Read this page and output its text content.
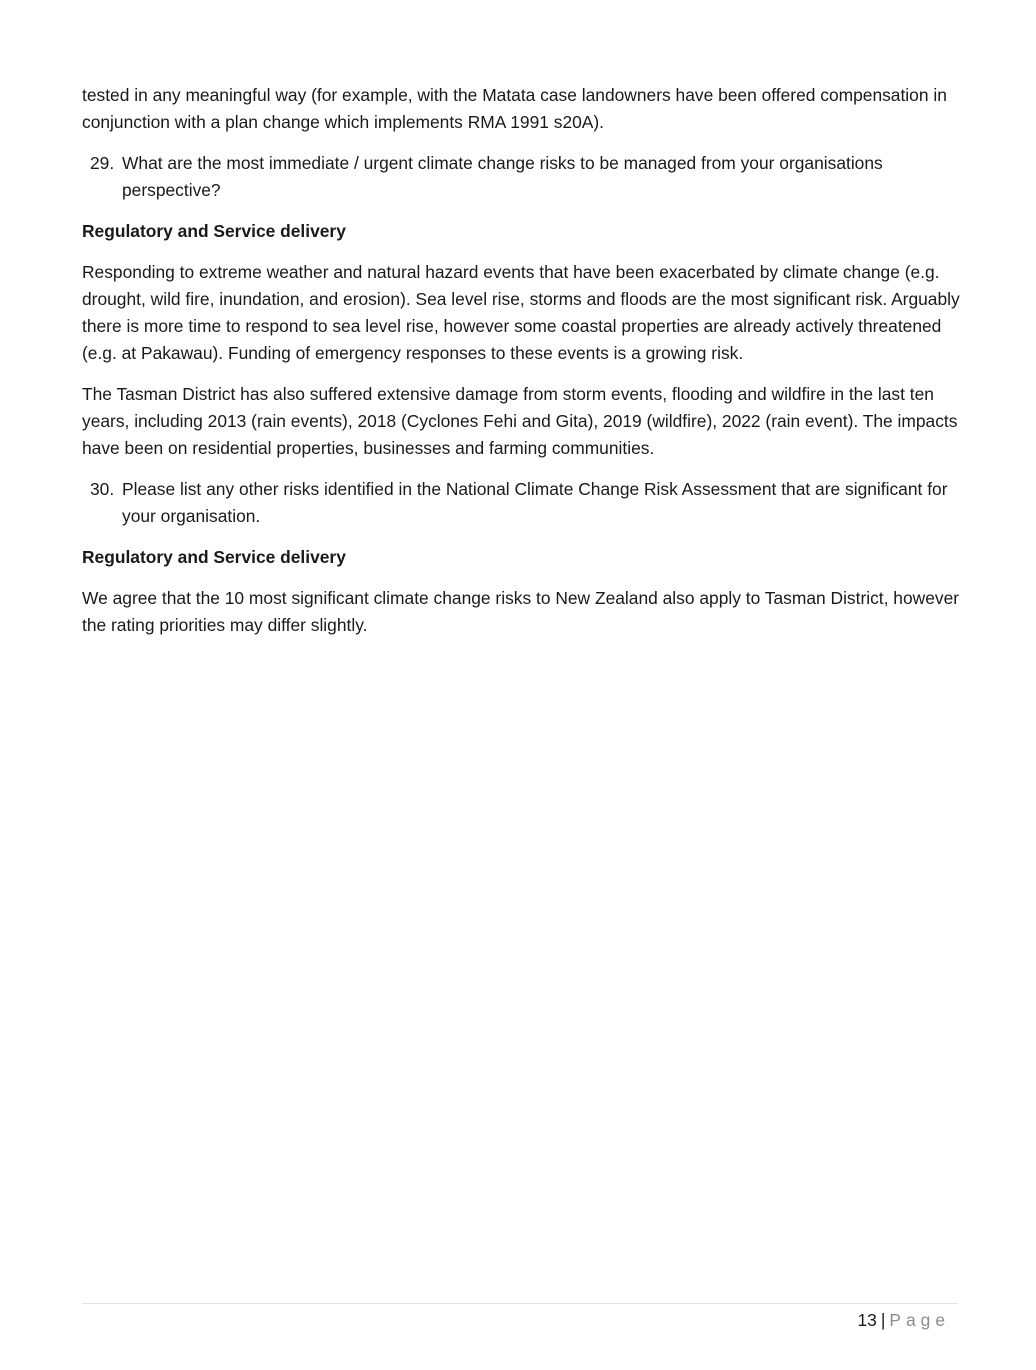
tested in any meaningful way (for example, with the Matata case landowners have been offered compensation in conjunction with a plan change which implements RMA 1991 s20A).

29. What are the most immediate / urgent climate change risks to be managed from your organisations perspective?

Regulatory and Service delivery

Responding to extreme weather and natural hazard events that have been exacerbated by climate change (e.g. drought, wild fire, inundation, and erosion). Sea level rise, storms and floods are the most significant risk. Arguably there is more time to respond to sea level rise, however some coastal properties are already actively threatened (e.g. at Pakawau). Funding of emergency responses to these events is a growing risk.

The Tasman District has also suffered extensive damage from storm events, flooding and wildfire in the last ten years, including 2013 (rain events), 2018 (Cyclones Fehi and Gita), 2019 (wildfire), 2022 (rain event). The impacts have been on residential properties, businesses and farming communities.

30. Please list any other risks identified in the National Climate Change Risk Assessment that are significant for your organisation.

Regulatory and Service delivery

We agree that the 10 most significant climate change risks to New Zealand also apply to Tasman District, however the rating priorities may differ slightly.

13 | Page
